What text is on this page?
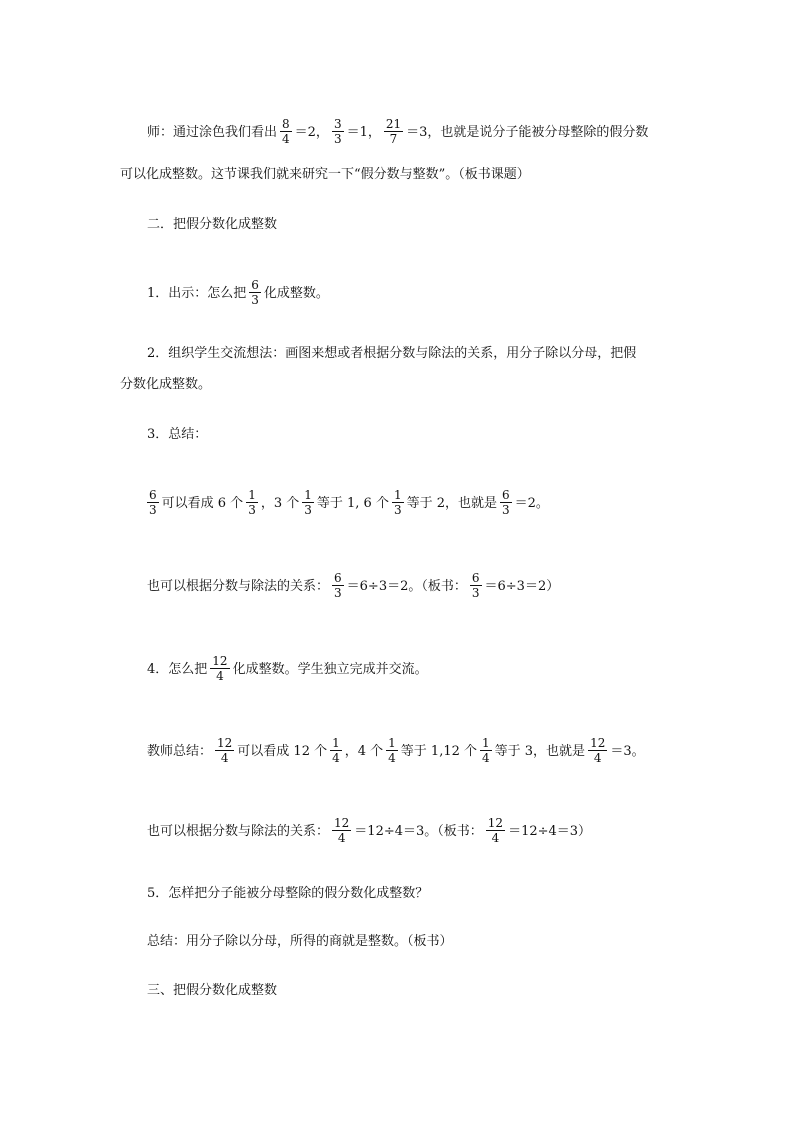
师：通过涂色我们看出 $\frac{8}{4} =2$， $\frac{3}{3} =1$， $\frac{21}{7} =3$，也就是说分子能被分母整除的假分数
可以化成整数。这节课我们就来研究一下“假分数与整数”。（板书课题）
二．把假分数化成整数
1．出示：怎么把 $\frac{6}{3}$ 化成整数。
2．组织学生交流想法：画图来想或者根据分数与除法的关系，用分子除以分母，把假
分数化成整数。
3．总结：
$\frac{6}{3}$ 可以看成 6 个 $\frac{1}{3}$ ，3 个 $\frac{1}{3}$ 等于 1, 6 个 $\frac{1}{3}$ 等于 2，也就是 $\frac{6}{3} =2$。
也可以根据分数与除法的关系： $\frac{6}{3} =6\div 3=2$。（板书： $\frac{6}{3} =6\div 3=2$）
4．怎么把 $\frac{12}{4}$ 化成整数。学生独立完成并交流。
教师总结： $\frac{12}{4}$ 可以看成 12 个 $\frac{1}{4}$ ，4 个 $\frac{1}{4}$ 等于 1,12 个 $\frac{1}{4}$ 等于 3，也就是 $\frac{12}{4} =3$。
也可以根据分数与除法的关系： $\frac{12}{4} =12\div 4=3$。（板书： $\frac{12}{4} =12\div 4=3$）
5．怎样把分子能被分母整除的假分数化成整数？
总结：用分子除以分母，所得的商就是整数。（板书）
三、把假分数化成整数
